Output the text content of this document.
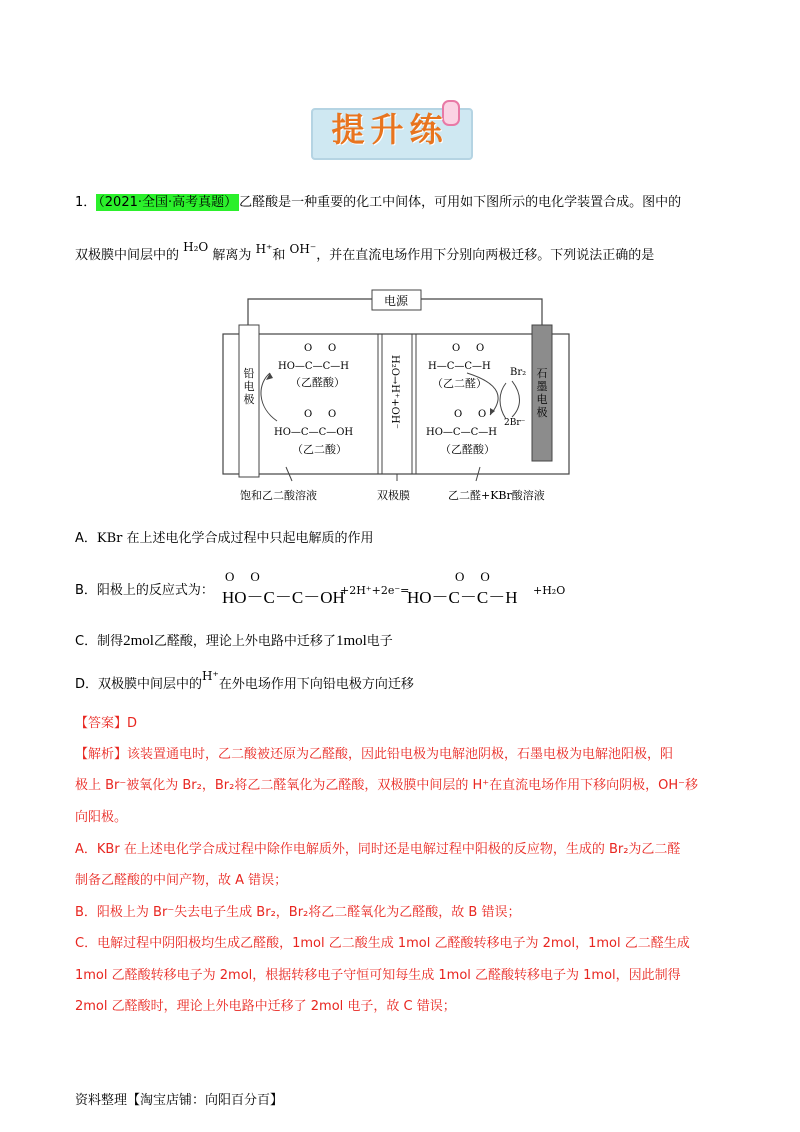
提升练
1． （2021·全国·高考真题） 乙醛酸是一种重要的化工中间体，可用如下图所示的电化学装置合成。图中的
双极膜中间层中的 H₂O 解离为 H⁺和 OH⁻，并在直流电场作用下分别向两极迁移。下列说法正确的是
电源
铅
电
极
石
墨
电
极
H₂O→H⁺+OH⁻
O O
HO—C—C—H
（乙醛酸）
O O
HO—C—C—OH
（乙二酸）
O O
H—C—C—H
（乙二醛）
Br₂
2Br⁻
O O
HO—C—C—H
（乙醛酸）
饱和乙二酸溶液	双极膜	乙二醛+KBr酸溶液
A．KBr 在上述电化学合成过程中只起电解质的作用
B．阳极上的反应式为：
O O
HO－C－C－OH
+2H⁺+2e⁻=
O O
HO－C－C－H +H₂O
C．制得2mol乙醛酸，理论上外电路中迁移了1mol电子
D．双极膜中间层中的H⁺在外电场作用下向铅电极方向迁移
【答案】D
【解析】该装置通电时，乙二酸被还原为乙醛酸，因此铅电极为电解池阴极，石墨电极为电解池阳极，阳
极上 Br⁻被氧化为 Br₂，Br₂将乙二醛氧化为乙醛酸，双极膜中间层的 H⁺在直流电场作用下移向阴极，OH⁻移
向阳极。
A．KBr 在上述电化学合成过程中除作电解质外，同时还是电解过程中阳极的反应物，生成的 Br₂为乙二醛
制备乙醛酸的中间产物，故 A 错误；
B．阳极上为 Br⁻失去电子生成 Br₂，Br₂将乙二醛氧化为乙醛酸，故 B 错误；
C．电解过程中阴阳极均生成乙醛酸，1mol 乙二酸生成 1mol 乙醛酸转移电子为 2mol，1mol 乙二醛生成
1mol 乙醛酸转移电子为 2mol，根据转移电子守恒可知每生成 1mol 乙醛酸转移电子为 1mol，因此制得
2mol 乙醛酸时，理论上外电路中迁移了 2mol 电子，故 C 错误；
资料整理【淘宝店铺：向阳百分百】
